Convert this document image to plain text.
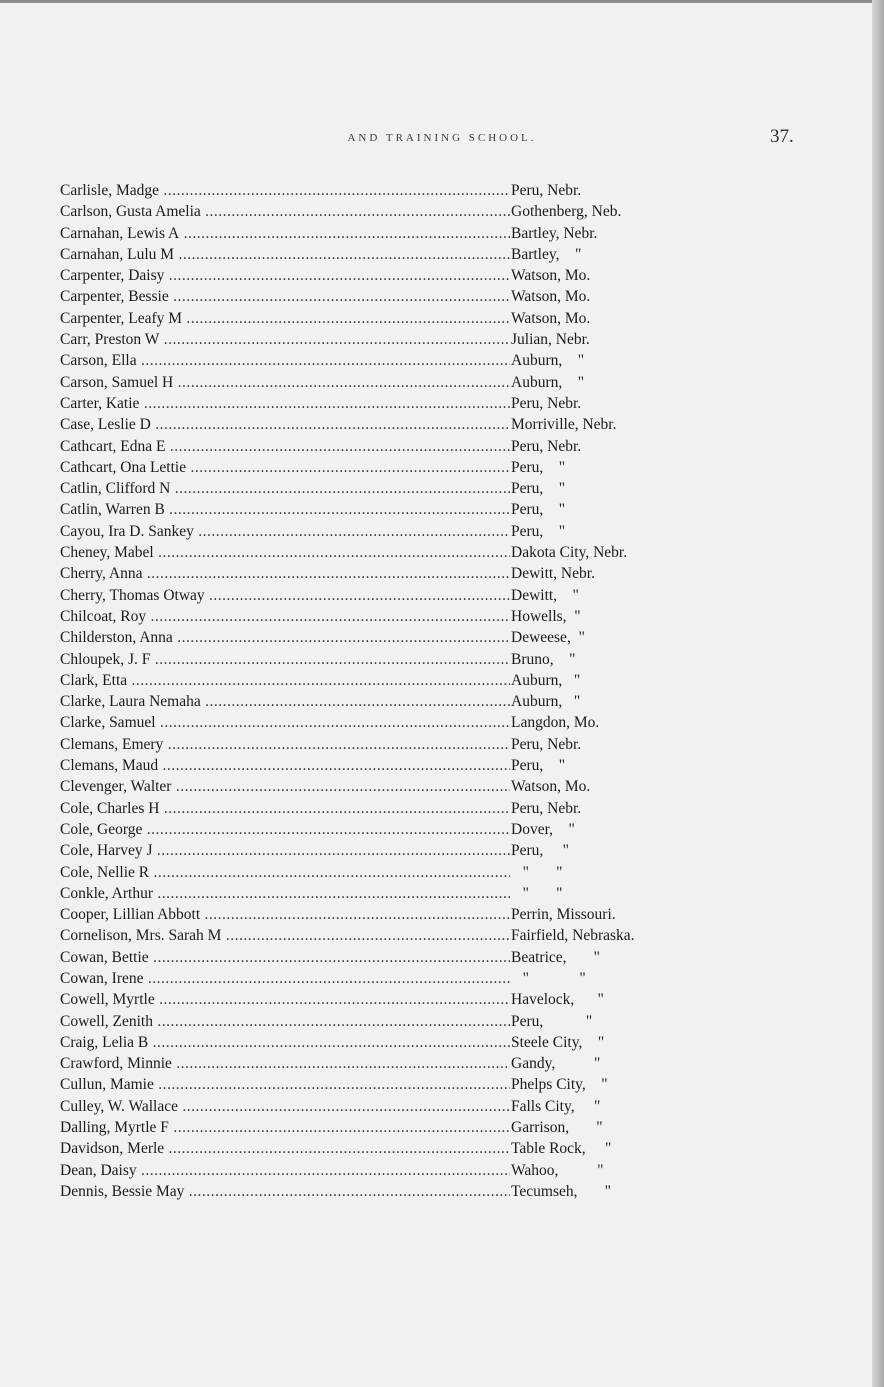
AND TRAINING SCHOOL.	37.
Carlisle, Madge .....	Peru, Nebr.
Carlson, Gusta Amelia .....	Gothenberg, Neb.
Carnahan, Lewis A .....	Bartley, Nebr.
Carnahan, Lulu M .....	Bartley,    "
Carpenter, Daisy .....	Watson, Mo.
Carpenter, Bessie .....	Watson, Mo.
Carpenter, Leafy M .....	Watson, Mo.
Carr, Preston W .....	Julian, Nebr.
Carson, Ella .....	Auburn,    "
Carson, Samuel H .....	Auburn,    "
Carter, Katie .....	Peru, Nebr.
Case, Leslie D .....	Morriville, Nebr.
Cathcart, Edna E .....	Peru, Nebr.
Cathcart, Ona Lettie .....	Peru,    "
Catlin, Clifford N .....	Peru,    "
Catlin, Warren B .....	Peru,    "
Cayou, Ira D. Sankey .....	Peru,    "
Cheney, Mabel .....	Dakota City, Nebr.
Cherry, Anna .....	Dewitt, Nebr.
Cherry, Thomas Otway .....	Dewitt,    "
Chilcoat, Roy .....	Howells,  "
Childerston, Anna .....	Deweese,  "
Chloupek, J. F .....	Bruno,    "
Clark, Etta .....	Auburn,   "
Clarke, Laura Nemaha .....	Auburn,   "
Clarke, Samuel .....	Langdon, Mo.
Clemans, Emery .....	Peru, Nebr.
Clemans, Maud .....	Peru,    "
Clevenger, Walter .....	Watson, Mo.
Cole, Charles H .....	Peru, Nebr.
Cole, George .....	Dover,    "
Cole, Harvey J .....	Peru,     "
Cole, Nellie R .....	"       "
Conkle, Arthur .....	"       "
Cooper, Lillian Abbott .....	Perrin, Missouri.
Cornelison, Mrs. Sarah M .....	Fairfield, Nebraska.
Cowan, Bettie .....	Beatrice,       "
Cowan, Irene .....	"             "
Cowell, Myrtle .....	Havelock,      "
Cowell, Zenith .....	Peru,           "
Craig, Lelia B .....	Steele City,    "
Crawford, Minnie .....	Gandy,          "
Cullun, Mamie .....	Phelps City,    "
Culley, W. Wallace .....	Falls City,     "
Dalling, Myrtle F .....	Garrison,       "
Davidson, Merle .....	Table Rock,     "
Dean, Daisy .....	Wahoo,          "
Dennis, Bessie May .....	Tecumseh,       "
